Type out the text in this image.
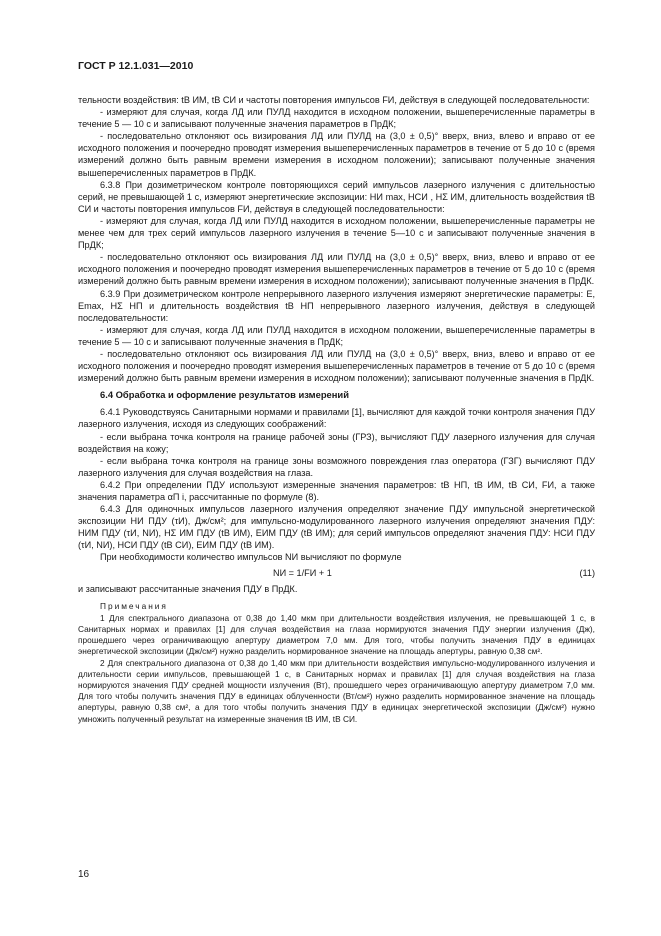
ГОСТ Р 12.1.031—2010

тельности воздействия: tВ ИМ, tВ СИ и частоты повторения импульсов FИ, действуя в следующей последовательности:

- измеряют для случая, когда ЛД или ПУЛД находится в исходном положении, вышеперечисленные параметры в течение 5 — 10 с и записывают полученные значения параметров в ПрДК;

- последовательно отклоняют ось визирования ЛД или ПУЛД на (3,0 ± 0,5)° вверх, вниз, влево и вправо от ее исходного положения и поочередно проводят измерения вышеперечисленных параметров в течение от 5 до 10 с (время измерений должно быть равным времени измерения в исходном положении); записывают полученные значения вышеперечисленных параметров в ПрДК.

6.3.8 При дозиметрическом контроле повторяющихся серий импульсов лазерного излучения с длительностью серий, не превышающей 1 с, измеряют энергетические экспозиции: HИ max, HСИ , HΣ ИМ, длительность воздействия tВ СИ и частоты повторения импульсов FИ, действуя в следующей последовательности:

- измеряют для случая, когда ЛД или ПУЛД находится в исходном положении, вышеперечисленные параметры не менее чем для трех серий импульсов лазерного излучения в течение 5—10 с и записывают полученные значения в ПрДК;

- последовательно отклоняют ось визирования ЛД или ПУЛД на (3,0 ± 0,5)° вверх, вниз, влево и вправо от ее исходного положения и поочередно проводят измерения вышеперечисленных параметров в течение от 5 до 10 с (время измерений должно быть равным времени измерения в исходном положении); записывают полученные значения в ПрДК.

6.3.9 При дозиметрическом контроле непрерывного лазерного излучения измеряют энергетические параметры: E, Emax, HΣ НП и длительность воздействия tВ НП непрерывного лазерного излучения, действуя в следующей последовательности:

- измеряют для случая, когда ЛД или ПУЛД находится в исходном положении, вышеперечисленные параметры в течение 5 — 10 с и записывают полученные значения в ПрДК;

- последовательно отклоняют ось визирования ЛД или ПУЛД на (3,0 ± 0,5)° вверх, вниз, влево и вправо от ее исходного положения и поочередно проводят измерения вышеперечисленных параметров в течение от 5 до 10 с (время измерений должно быть равным времени измерения в исходном положении); записывают полученные значения в ПрДК.

6.4 Обработка и оформление результатов измерений

6.4.1 Руководствуясь Санитарными нормами и правилами [1], вычисляют для каждой точки контроля значения ПДУ лазерного излучения, исходя из следующих соображений:

- если выбрана точка контроля на границе рабочей зоны (ГРЗ), вычисляют ПДУ лазерного излучения для случая воздействия на кожу;

- если выбрана точка контроля на границе зоны возможного повреждения глаз оператора (ГЗГ) вычисляют ПДУ лазерного излучения для случая воздействия на глаза.

6.4.2 При определении ПДУ используют измеренные значения параметров: tВ НП, tВ ИМ, tВ СИ, FИ, а также значения параметра αП i, рассчитанные по формуле (8).

6.4.3 Для одиночных импульсов лазерного излучения определяют значение ПДУ импульсной энергетической экспозиции HИ ПДУ (τИ), Дж/см²; для импульсно-модулированного лазерного излучения определяют значения ПДУ: HИМ ПДУ (τИ, NИ), HΣ ИМ ПДУ (tВ ИМ), EИМ ПДУ (tВ ИМ); для серий импульсов определяют значения ПДУ: HСИ ПДУ (τИ, NИ), HСИ ПДУ (tВ СИ), EИМ ПДУ (tВ ИМ).

При необходимости количество импульсов NИ вычисляют по формуле

NИ = 1/FИ + 1	(11)

и записывают рассчитанные значения ПДУ в ПрДК.

Примечания

1 Для спектрального диапазона от 0,38 до 1,40 мкм при длительности воздействия излучения, не превышающей 1 с, в Санитарных нормах и правилах [1] для случая воздействия на глаза нормируются значения ПДУ энергии излучения (Дж), прошедшего через ограничивающую апертуру диаметром 7,0 мм. Для того, чтобы получить значения ПДУ в единицах энергетической экспозиции (Дж/см²) нужно разделить нормированное значение на площадь апертуры, равную 0,38 см².

2 Для спектрального диапазона от 0,38 до 1,40 мкм при длительности воздействия импульсно-модулированного излучения и длительности серии импульсов, превышающей 1 с, в Санитарных нормах и правилах [1] для случая воздействия на глаза нормируются значения ПДУ средней мощности излучения (Вт), прошедшего через ограничивающую апертуру диаметром 7,0 мм. Для того чтобы получить значения ПДУ в единицах облученности (Вт/см²) нужно разделить нормированное значение на площадь апертуры, равную 0,38 см², а для того чтобы получить значения ПДУ в единицах энергетической экспозиции (Дж/см²) нужно умножить полученный результат на измеренные значения tВ ИМ, tВ СИ.

16
